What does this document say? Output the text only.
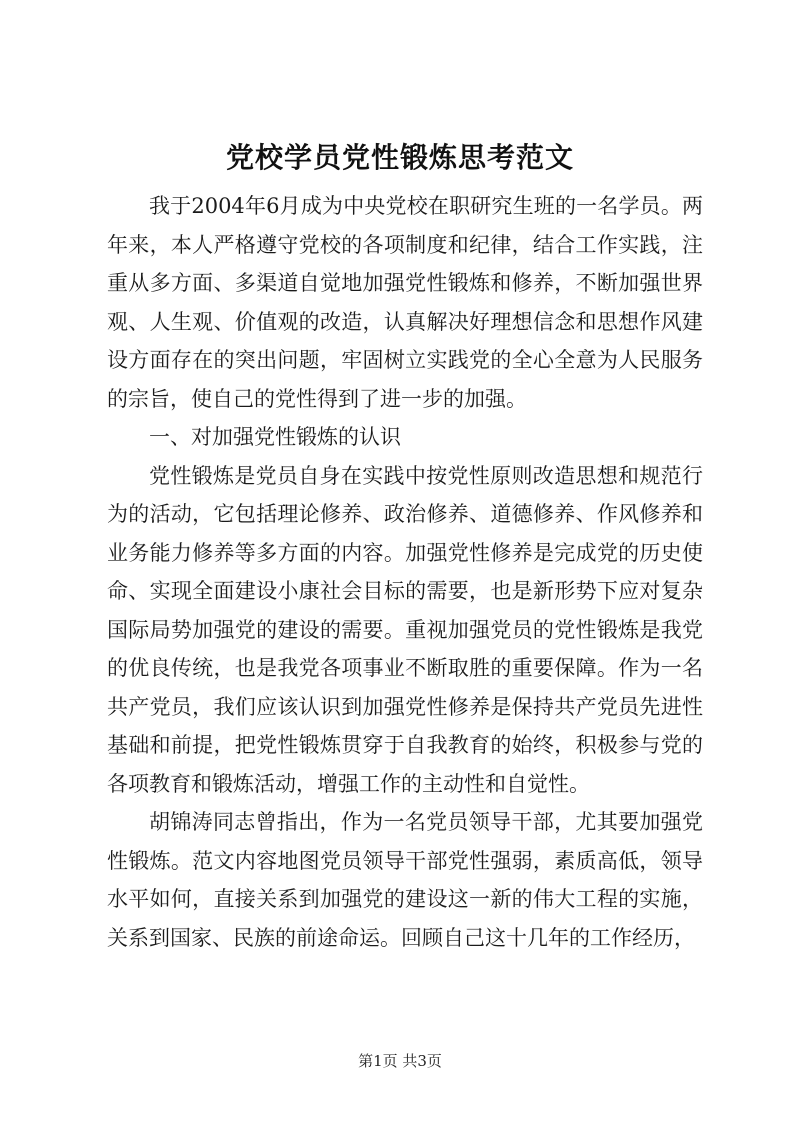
党校学员党性锻炼思考范文

我于2004年6月成为中央党校在职研究生班的一名学员。两年来，本人严格遵守党校的各项制度和纪律，结合工作实践，注重从多方面、多渠道自觉地加强党性锻炼和修养，不断加强世界观、人生观、价值观的改造，认真解决好理想信念和思想作风建设方面存在的突出问题，牢固树立实践党的全心全意为人民服务的宗旨，使自己的党性得到了进一步的加强。

一、对加强党性锻炼的认识

党性锻炼是党员自身在实践中按党性原则改造思想和规范行为的活动，它包括理论修养、政治修养、道德修养、作风修养和业务能力修养等多方面的内容。加强党性修养是完成党的历史使命、实现全面建设小康社会目标的需要，也是新形势下应对复杂国际局势加强党的建设的需要。重视加强党员的党性锻炼是我党的优良传统，也是我党各项事业不断取胜的重要保障。作为一名共产党员，我们应该认识到加强党性修养是保持共产党员先进性基础和前提，把党性锻炼贯穿于自我教育的始终，积极参与党的各项教育和锻炼活动，增强工作的主动性和自觉性。

胡锦涛同志曾指出，作为一名党员领导干部，尤其要加强党性锻炼。范文内容地图党员领导干部党性强弱，素质高低，领导水平如何，直接关系到加强党的建设这一新的伟大工程的实施，关系到国家、民族的前途命运。回顾自己这十几年的工作经历，

第1页 共3页
